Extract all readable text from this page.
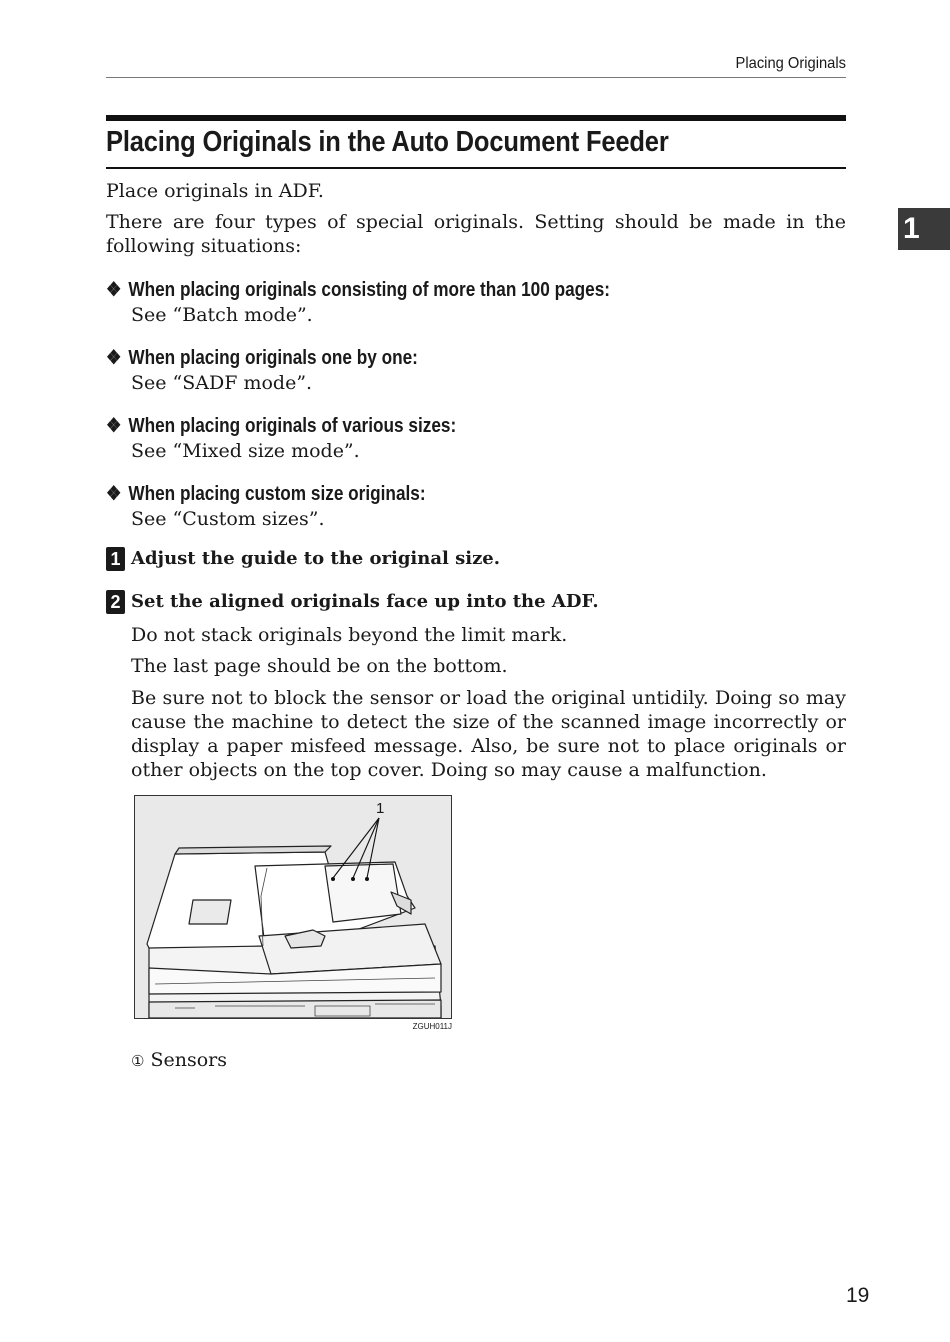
Placing Originals
Placing Originals in the Auto Document Feeder
1
Place originals in ADF.
There are four types of special originals. Setting should be made in the following situations:
❖ When placing originals consisting of more than 100 pages:
See “Batch mode”.
❖ When placing originals one by one:
See “SADF mode”.
❖ When placing originals of various sizes:
See “Mixed size mode”.
❖ When placing custom size originals:
See “Custom sizes”.
1 Adjust the guide to the original size.
2 Set the aligned originals face up into the ADF.
Do not stack originals beyond the limit mark.
The last page should be on the bottom.
Be sure not to block the sensor or load the original untidily. Doing so may cause the machine to detect the size of the scanned image incorrectly or display a paper misfeed message. Also, be sure not to place originals or other objects on the top cover. Doing so may cause a malfunction.
1
ZGUH011J
① Sensors
19
